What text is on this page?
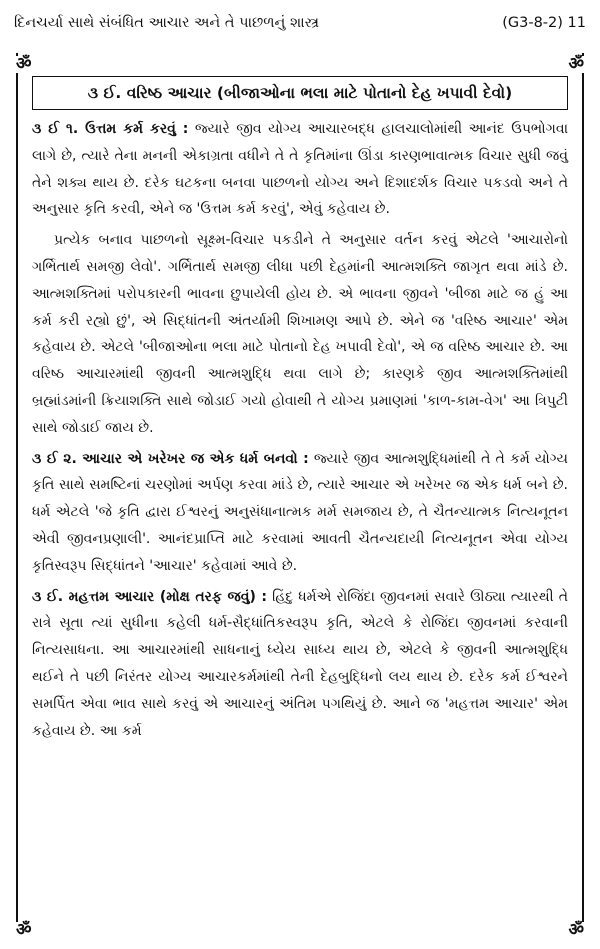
દિનચર્યા સાથે સંબંધિત આચાર અને તે પાછળનું શાસ્ત્ર	(G3-8-2) 11
ॐ	ॐ
ॐ	ॐ
૩ ઈ. વરિષ્ઠ આચાર (બીજાઓના ભલા માટે પોતાનો દેહ ખપાવી દેવો)

૩ ઈ ૧. ઉત્તમ કર્મ કરવું : જ્યારે જીવ યોગ્ય આચારબદ્ધ હાલચાલોમાંથી આનંદ ઉપભોગવા લાગે છે, ત્યારે તેના મનની એકાગ્રતા વધીને તે તે કૃતિમાંના ઊંડા કારણભાવાત્મક વિચાર સુધી જવું તેને શક્ય થાય છે. દરેક ઘટકના બનવા પાછળનો યોગ્ય અને દિશાદર્શક વિચાર પકડવો અને તે અનુસાર કૃતિ કરવી, એને જ 'ઉત્તમ કર્મ કરવું', એવું કહેવાય છે.

પ્રત્યેક બનાવ પાછળનો સૂક્ષ્મ-વિચાર પકડીને તે અનુસાર વર્તન કરવું એટલે 'આચારોનો ગર્ભિતાર્થ સમજી લેવો'. ગર્ભિતાર્થ સમજી લીધા પછી દેહમાંની આત્મશક્તિ જાગૃત થવા માંડે છે. આત્મશક્તિમાં પરોપકારની ભાવના છુપાયેલી હોય છે. એ ભાવના જીવને 'બીજા માટે જ હું આ કર્મ કરી રહ્યો છું', એ સિદ્ધાંતની અંતર્યામી શિખામણ આપે છે. એને જ 'વરિષ્ઠ આચાર' એમ કહેવાય છે. એટલે 'બીજાઓના ભલા માટે પોતાનો દેહ ખપાવી દેવો', એ જ વરિષ્ઠ આચાર છે. આ વરિષ્ઠ આચારમાંથી જીવની આત્મશુદ્ધિ થવા લાગે છે; કારણકે જીવ આત્મશક્તિમાંથી બ્રહ્માંડમાંની ક્રિયાશક્તિ સાથે જોડાઈ ગયો હોવાથી તે યોગ્ય પ્રમાણમાં 'કાળ-કામ-વેગ' આ ત્રિપુટી સાથે જોડાઈ જાય છે.

૩ ઈ ૨. આચાર એ ખરેખર જ એક ધર્મ બનવો : જ્યારે જીવ આત્મશુદ્ધિમાંથી તે તે કર્મ યોગ્ય કૃતિ સાથે સમષ્ટિનાં ચરણોમાં અર્પણ કરવા માંડે છે, ત્યારે આચાર એ ખરેખર જ એક ધર્મ બને છે. ધર્મ એટલે 'જે કૃતિ દ્વારા ઈશ્વરનું અનુસંધાનાત્મક મર્મ સમજાય છે, તે ચૈતન્યાત્મક નિત્યનૂતન એવી જીવનપ્રણાલી'. આનંદપ્રાપ્તિ માટે કરવામાં આવતી ચૈતન્યદાયી નિત્યનૂતન એવા યોગ્ય કૃતિસ્વરૂપ સિદ્ધાંતને 'આચાર' કહેવામાં આવે છે.

૩ ઈ. મહત્તમ આચાર (મોક્ષ તરફ જવું) : હિંદુ ધર્મએ રોજિંદા જીવનમાં સવારે ઊઠ્યા ત્યારથી તે રાત્રે સૂતા ત્યાં સુધીના કહેલી ધર્મ-સૈદ્ધાંતિકસ્વરૂપ કૃતિ, એટલે કે રોજિંદા જીવનમાં કરવાની નિત્યસાધના. આ આચારમાંથી સાધનાનું ધ્યેય સાધ્ય થાય છે, એટલે કે જીવની આત્મશુદ્ધિ થઈને તે પછી નિરંતર યોગ્ય આચારકર્મમાંથી તેની દેહબુદ્ધિનો લય થાય છે. દરેક કર્મ ઈશ્વરને સમર્પિત એવા ભાવ સાથે કરવું એ આચારનું અંતિમ પગથિયું છે. આને જ 'મહત્તમ આચાર' એમ કહેવાય છે. આ કર્મ
